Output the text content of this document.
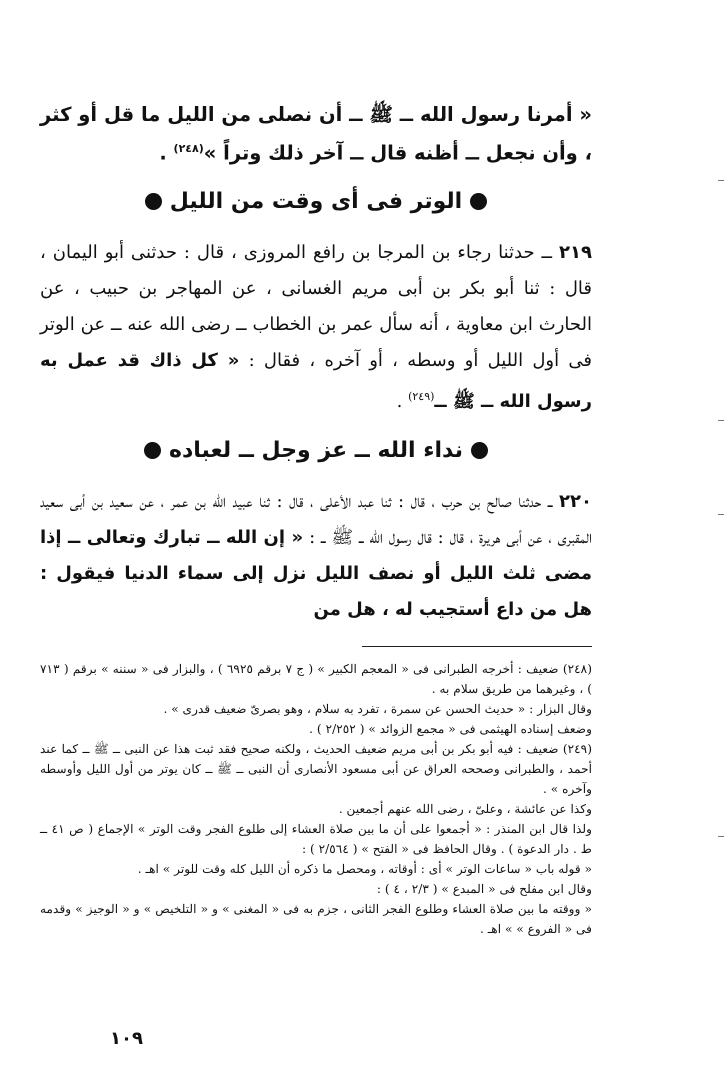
« أمرنا رسول الله ــ ﷺ ــ أن نصلى من الليل ما قل أو كثر ، وأن نجعل ــ أظنه قال ــ آخر ذلك وتراً »$^{(٢٤٨)}$ .

الوتر فى أى وقت من الليل

٢١٩ ــ حدثنا رجاء بن المرجا بن رافع المروزى ، قال : حدثنى أبو اليمان ، قال : ثنا أبو بكر بن أبى مريم الغسانى ، عن المهاجر بن حبيب ، عن الحارث ابن معاوية ، أنه سأل عمر بن الخطاب ــ رضى الله عنه ــ عن الوتر فى أول الليل أو وسطه ، أو آخره ، فقال : « كل ذاك قد عمل به رسول الله ــ ﷺ ــ$^{(٢٤٩)}$ .

نداء الله ــ عز وجل ــ لعباده

٢٢٠ ــ حدثنا صالح بن حرب ، قال : ثنا عبد الأعلى ، قال : ثنا عبيد الله بن عمر ، عن سعيد بن أبى سعيد المقبرى ، عن أبى هريرة ، قال : قال رسول الله ــ ﷺ ــ : « إن الله ــ تبارك وتعالى ــ إذا مضى ثلث الليل أو نصف الليل نزل إلى سماء الدنيا فيقول : هل من داع أستجيب له ، هل من

(٢٤٨) ضعيف : أخرجه الطبرانى فى « المعجم الكبير » ( ج ٧ برقم ٦٩٢٥ ) ، والبزار فى « سننه » برقم ( ٧١٣ ) ، وغيرهما من طريق سلام به .

وقال البزار : « حديث الحسن عن سمرة ، تفرد به سلام ، وهو بصرىّ ضعيف قدرى » .

وضعف إسناده الهيثمى فى « مجمع الزوائد » ( ٢/٢٥٢ ) .

(٢٤٩) ضعيف : فيه أبو بكر بن أبى مريم ضعيف الحديث ، ولكنه صحيح فقد ثبت هذا عن النبى ــ ﷺ ــ كما عند أحمد ، والطبرانى وصححه العراق عن أبى مسعود الأنصارى أن النبى ــ ﷺ ــ كان يوتر من أول الليل وأوسطه وآخره » .

وكذا عن عائشة ، وعلىّ ، رضى الله عنهم أجمعين .

ولذا قال ابن المنذر : « أجمعوا على أن ما بين صلاة العشاء إلى طلوع الفجر وقت الوتر » الإجماع ( ص ٤١ ــ ط . دار الدعوة ) . وقال الحافظ فى « الفتح » ( ٢/٥٦٤ ) :

« قوله باب « ساعات الوتر » أى : أوقاته ، ومحصل ما ذكره أن الليل كله وقت للوتر » اهـ .

وقال ابن مفلح فى « المبدع » ( ٢/٣ ، ٤ ) :

« ووقته ما بين صلاة العشاء وطلوع الفجر الثانى ، جزم به فى « المغنى » و « التلخيص » و « الوجيز » وقدمه فى « الفروع » » اهـ .

١٠٩
